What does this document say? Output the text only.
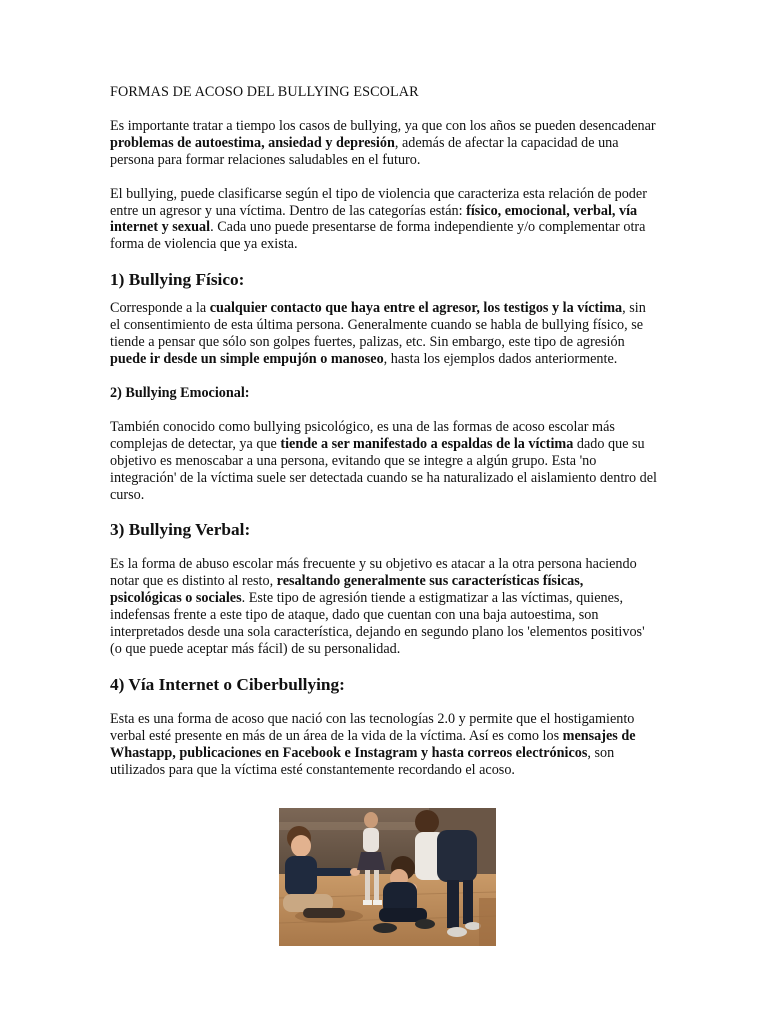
FORMAS DE ACOSO DEL BULLYING ESCOLAR

Es importante tratar a tiempo los casos de bullying, ya que con los años se pueden desencadenar problemas de autoestima, ansiedad y depresión, además de afectar la capacidad de una persona para formar relaciones saludables en el futuro.

El bullying, puede clasificarse según el tipo de violencia que caracteriza esta relación de poder entre un agresor y una víctima. Dentro de las categorías están: físico, emocional, verbal, vía internet y sexual. Cada uno puede presentarse de forma independiente y/o complementar otra forma de violencia que ya exista.

1) Bullying Físico:

Corresponde a la cualquier contacto que haya entre el agresor, los testigos y la víctima, sin el consentimiento de esta última persona. Generalmente cuando se habla de bullying físico, se tiende a pensar que sólo son golpes fuertes, palizas, etc. Sin embargo, este tipo de agresión puede ir desde un simple empujón o manoseo, hasta los ejemplos dados anteriormente.

2) Bullying Emocional:

También conocido como bullying psicológico, es una de las formas de acoso escolar más complejas de detectar, ya que tiende a ser manifestado a espaldas de la víctima dado que su objetivo es menoscabar a una persona, evitando que se integre a algún grupo. Esta 'no integración' de la víctima suele ser detectada cuando se ha naturalizado el aislamiento dentro del curso.

3) Bullying Verbal:

Es la forma de abuso escolar más frecuente y su objetivo es atacar a la otra persona haciendo notar que es distinto al resto, resaltando generalmente sus características físicas, psicológicas o sociales. Este tipo de agresión tiende a estigmatizar a las víctimas, quienes, indefensas frente a este tipo de ataque, dado que cuentan con una baja autoestima, son interpretados desde una sola característica, dejando en segundo plano los 'elementos positivos' (o que puede aceptar más fácil) de su personalidad.

4) Vía Internet o Ciberbullying:

Esta es una forma de acoso que nació con las tecnologías 2.0 y permite que el hostigamiento verbal esté presente en más de un área de la vida de la víctima. Así es como los mensajes de Whastapp, publicaciones en Facebook e Instagram y hasta correos electrónicos, son utilizados para que la víctima esté constantemente recordando el acoso.
